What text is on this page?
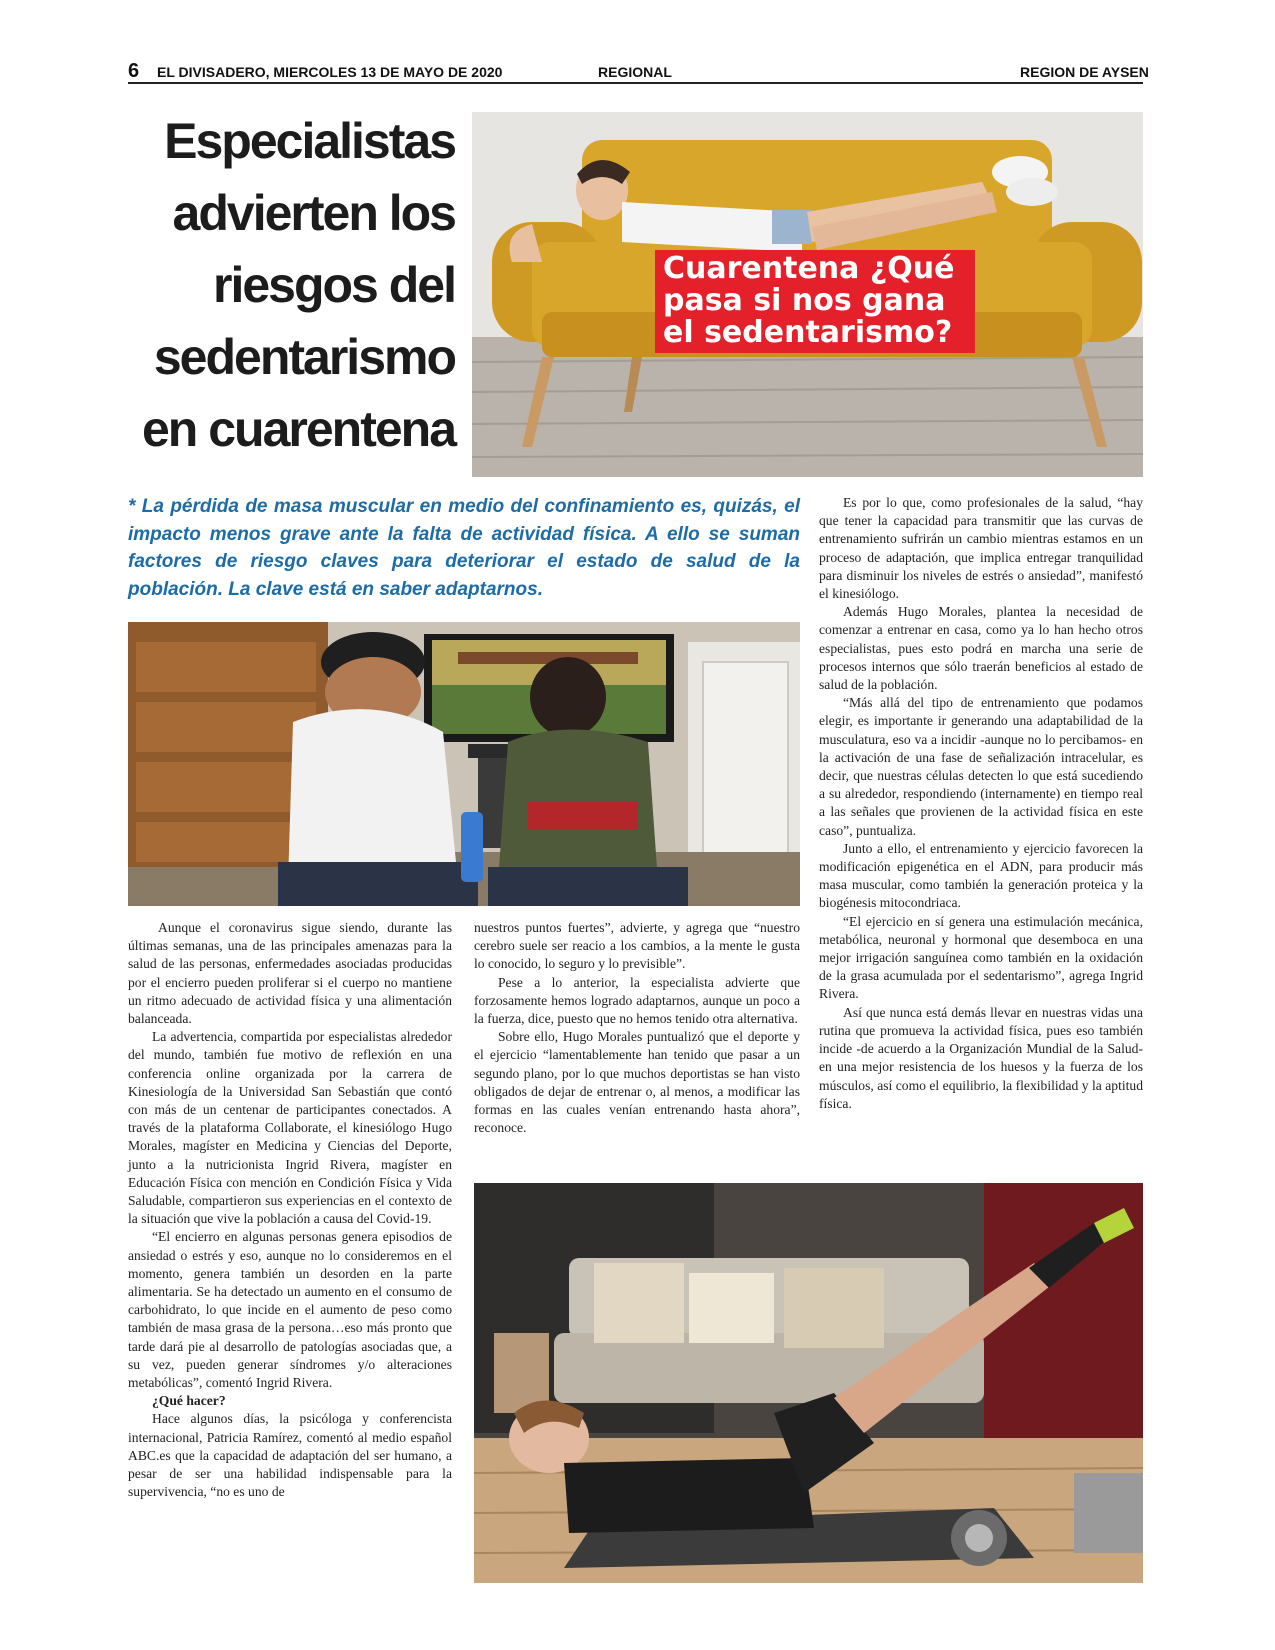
6 EL DIVISADERO, MIERCOLES 13 DE MAYO DE 2020	REGIONAL	REGION DE AYSEN
Especialistas
advierten los
riesgos del
sedentarismo
en cuarentena
Cuarentena ¿Qué
pasa si nos gana
el sedentarismo?
* La pérdida de masa muscular en medio del confinamiento es, quizás, el impacto menos grave ante la falta de actividad física. A ello se suman factores de riesgo claves para deteriorar el estado de salud de la población. La clave está en saber adaptarnos.

Aunque el coronavirus sigue siendo, durante las últimas semanas, una de las principales amenazas para la salud de las personas, enfermedades asociadas producidas por el encierro pueden proliferar si el cuerpo no mantiene un ritmo adecuado de actividad física y una alimentación balanceada.

La advertencia, compartida por especialistas alrededor del mundo, también fue motivo de reflexión en una conferencia online organizada por la carrera de Kinesiología de la Universidad San Sebastián que contó con más de un centenar de participantes conectados. A través de la plataforma Collaborate, el kinesiólogo Hugo Morales, magíster en Medicina y Ciencias del Deporte, junto a la nutricionista Ingrid Rivera, magíster en Educación Física con mención en Condición Física y Vida Saludable, compartieron sus experiencias en el contexto de la situación que vive la población a causa del Covid-19.

“El encierro en algunas personas genera episodios de ansiedad o estrés y eso, aunque no lo consideremos en el momento, genera también un desorden en la parte alimentaria. Se ha detectado un aumento en el consumo de carbohidrato, lo que incide en el aumento de peso como también de masa grasa de la persona…eso más pronto que tarde dará pie al desarrollo de patologías asociadas que, a su vez, pueden generar síndromes y/o alteraciones metabólicas”, comentó Ingrid Rivera.

¿Qué hacer?

Hace algunos días, la psicóloga y conferencista internacional, Patricia Ramírez, comentó al medio español ABC.es que la capacidad de adaptación del ser humano, a pesar de ser una habilidad indispensable para la supervivencia, “no es uno de

nuestros puntos fuertes”, advierte, y agrega que “nuestro cerebro suele ser reacio a los cambios, a la mente le gusta lo conocido, lo seguro y lo previsible”.

Pese a lo anterior, la especialista advierte que forzosamente hemos logrado adaptarnos, aunque un poco a la fuerza, dice, puesto que no hemos tenido otra alternativa.

Sobre ello, Hugo Morales puntualizó que el deporte y el ejercicio “lamentablemente han tenido que pasar a un segundo plano, por lo que muchos deportistas se han visto obligados de dejar de entrenar o, al menos, a modificar las formas en las cuales venían entrenando hasta ahora”, reconoce.

Es por lo que, como profesionales de la salud, “hay que tener la capacidad para transmitir que las curvas de entrenamiento sufrirán un cambio mientras estamos en un proceso de adaptación, que implica entregar tranquilidad para disminuir los niveles de estrés o ansiedad”, manifestó el kinesiólogo.

Además Hugo Morales, plantea la necesidad de comenzar a entrenar en casa, como ya lo han hecho otros especialistas, pues esto podrá en marcha una serie de procesos internos que sólo traerán beneficios al estado de salud de la población.

“Más allá del tipo de entrenamiento que podamos elegir, es importante ir generando una adaptabilidad de la musculatura, eso va a incidir -aunque no lo percibamos- en la activación de una fase de señalización intracelular, es decir, que nuestras células detecten lo que está sucediendo a su alrededor, respondiendo (internamente) en tiempo real a las señales que provienen de la actividad física en este caso”, puntualiza.

Junto a ello, el entrenamiento y ejercicio favorecen la modificación epigenética en el ADN, para producir más masa muscular, como también la generación proteica y la biogénesis mitocondriaca.

“El ejercicio en sí genera una estimulación mecánica, metabólica, neuronal y hormonal que desemboca en una mejor irrigación sanguínea como también en la oxidación de la grasa acumulada por el sedentarismo”, agrega Ingrid Rivera.

Así que nunca está demás llevar en nuestras vidas una rutina que promueva la actividad física, pues eso también incide -de acuerdo a la Organización Mundial de la Salud- en una mejor resistencia de los huesos y la fuerza de los músculos, así como el equilibrio, la flexibilidad y la aptitud física.
